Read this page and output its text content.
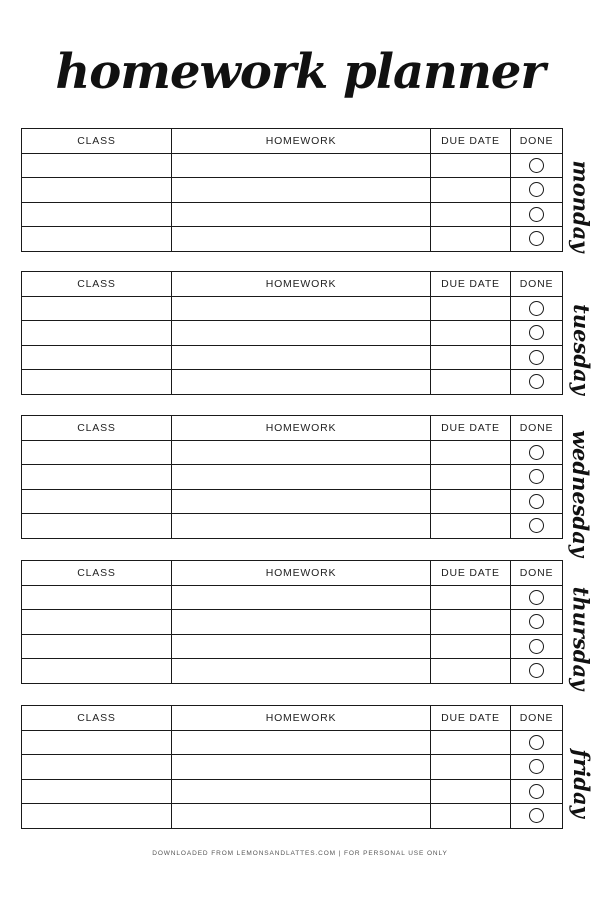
homework planner
CLASS	HOMEWORK	DUE DATE	DONE

monday
CLASS	HOMEWORK	DUE DATE	DONE

tuesday
CLASS	HOMEWORK	DUE DATE	DONE

wednesday
CLASS	HOMEWORK	DUE DATE	DONE

thursday
CLASS	HOMEWORK	DUE DATE	DONE

friday
DOWNLOADED FROM LEMONSANDLATTES.COM | FOR PERSONAL USE ONLY
